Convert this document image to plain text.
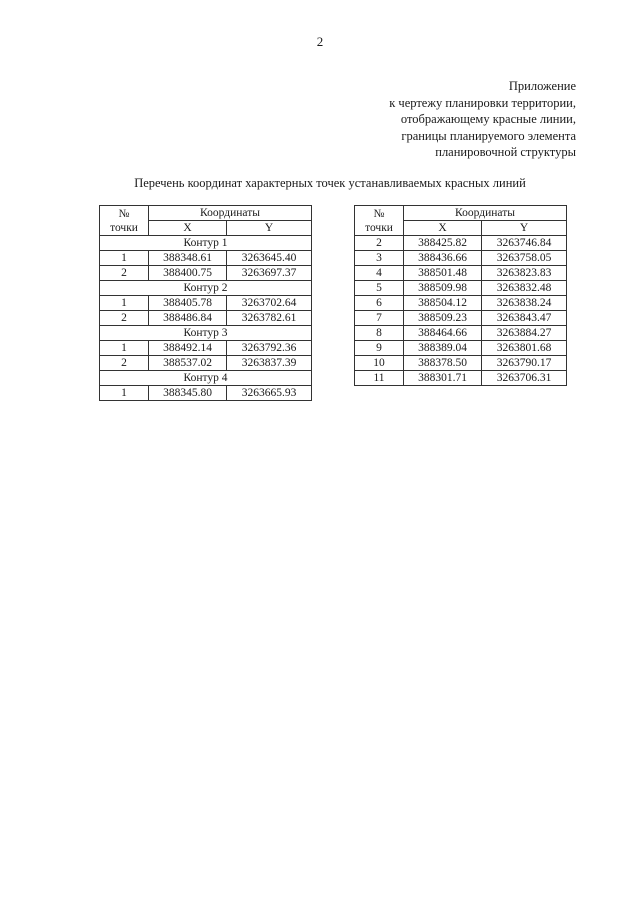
2
Приложение
к чертежу планировки территории,
отображающему красные линии,
границы планируемого элемента
планировочной структуры
Перечень координат характерных точек устанавливаемых красных линий
№
точки	Координаты	
	X	Y
Контур 1		
1	388348.61	3263645.40
2	388400.75	3263697.37
Контур 2		
1	388405.78	3263702.64
2	388486.84	3263782.61
Контур 3		
1	388492.14	3263792.36
2	388537.02	3263837.39
Контур 4		
1	388345.80	3263665.93
№
точки	Координаты	
	X	Y
2	388425.82	3263746.84
3	388436.66	3263758.05
4	388501.48	3263823.83
5	388509.98	3263832.48
6	388504.12	3263838.24
7	388509.23	3263843.47
8	388464.66	3263884.27
9	388389.04	3263801.68
10	388378.50	3263790.17
11	388301.71	3263706.31
